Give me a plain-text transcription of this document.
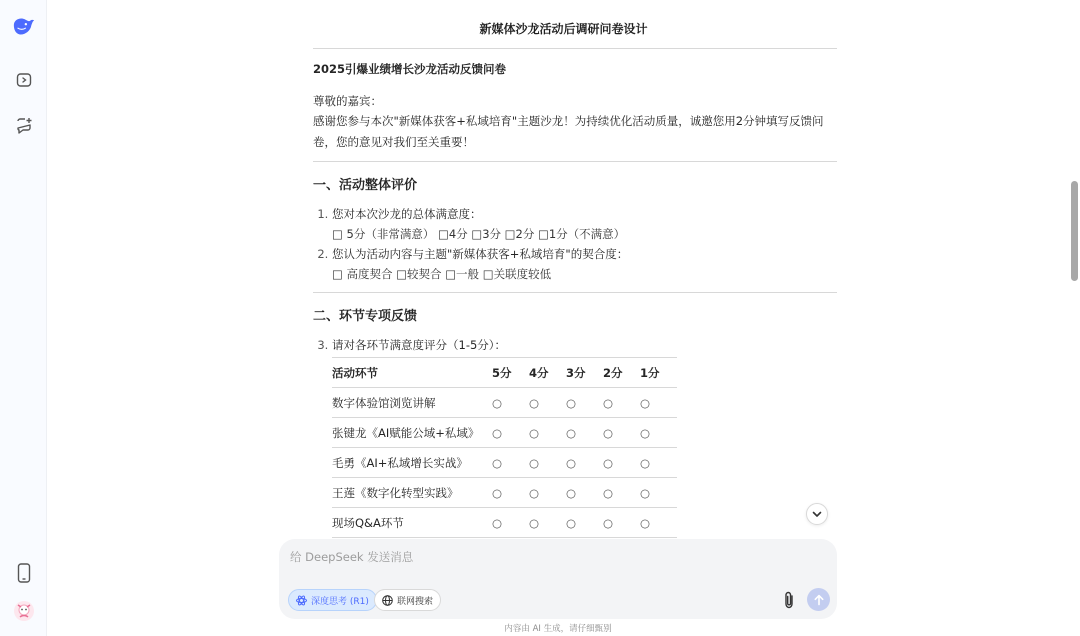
新媒体沙龙活动后调研问卷设计
2025引爆业绩增长沙龙活动反馈问卷
尊敬的嘉宾：
感谢您参与本次"新媒体获客+私域培育"主题沙龙！为持续优化活动质量，诚邀您用2分钟填写反馈问卷，您的意见对我们至关重要！
一、活动整体评价
1. 您对本次沙龙的总体满意度：
□ 5分（非常满意） □4分 □3分 □2分 □1分（不满意）
2. 您认为活动内容与主题"新媒体获客+私域培育"的契合度：
□ 高度契合 □较契合 □一般 □关联度较低
二、环节专项反馈
3. 请对各环节满意度评分（1-5分）：
活动环节	5分	4分	3分	2分	1分
数字体验馆浏览讲解	○	○	○	○	○
张键龙《AI赋能公域+私域》	○	○	○	○	○
毛勇《AI+私域增长实战》	○	○	○	○	○
王莲《数字化转型实践》	○	○	○	○	○
现场Q&A环节	○	○	○	○	○
给 DeepSeek 发送消息
深度思考 (R1)	联网搜索
内容由 AI 生成，请仔细甄别
